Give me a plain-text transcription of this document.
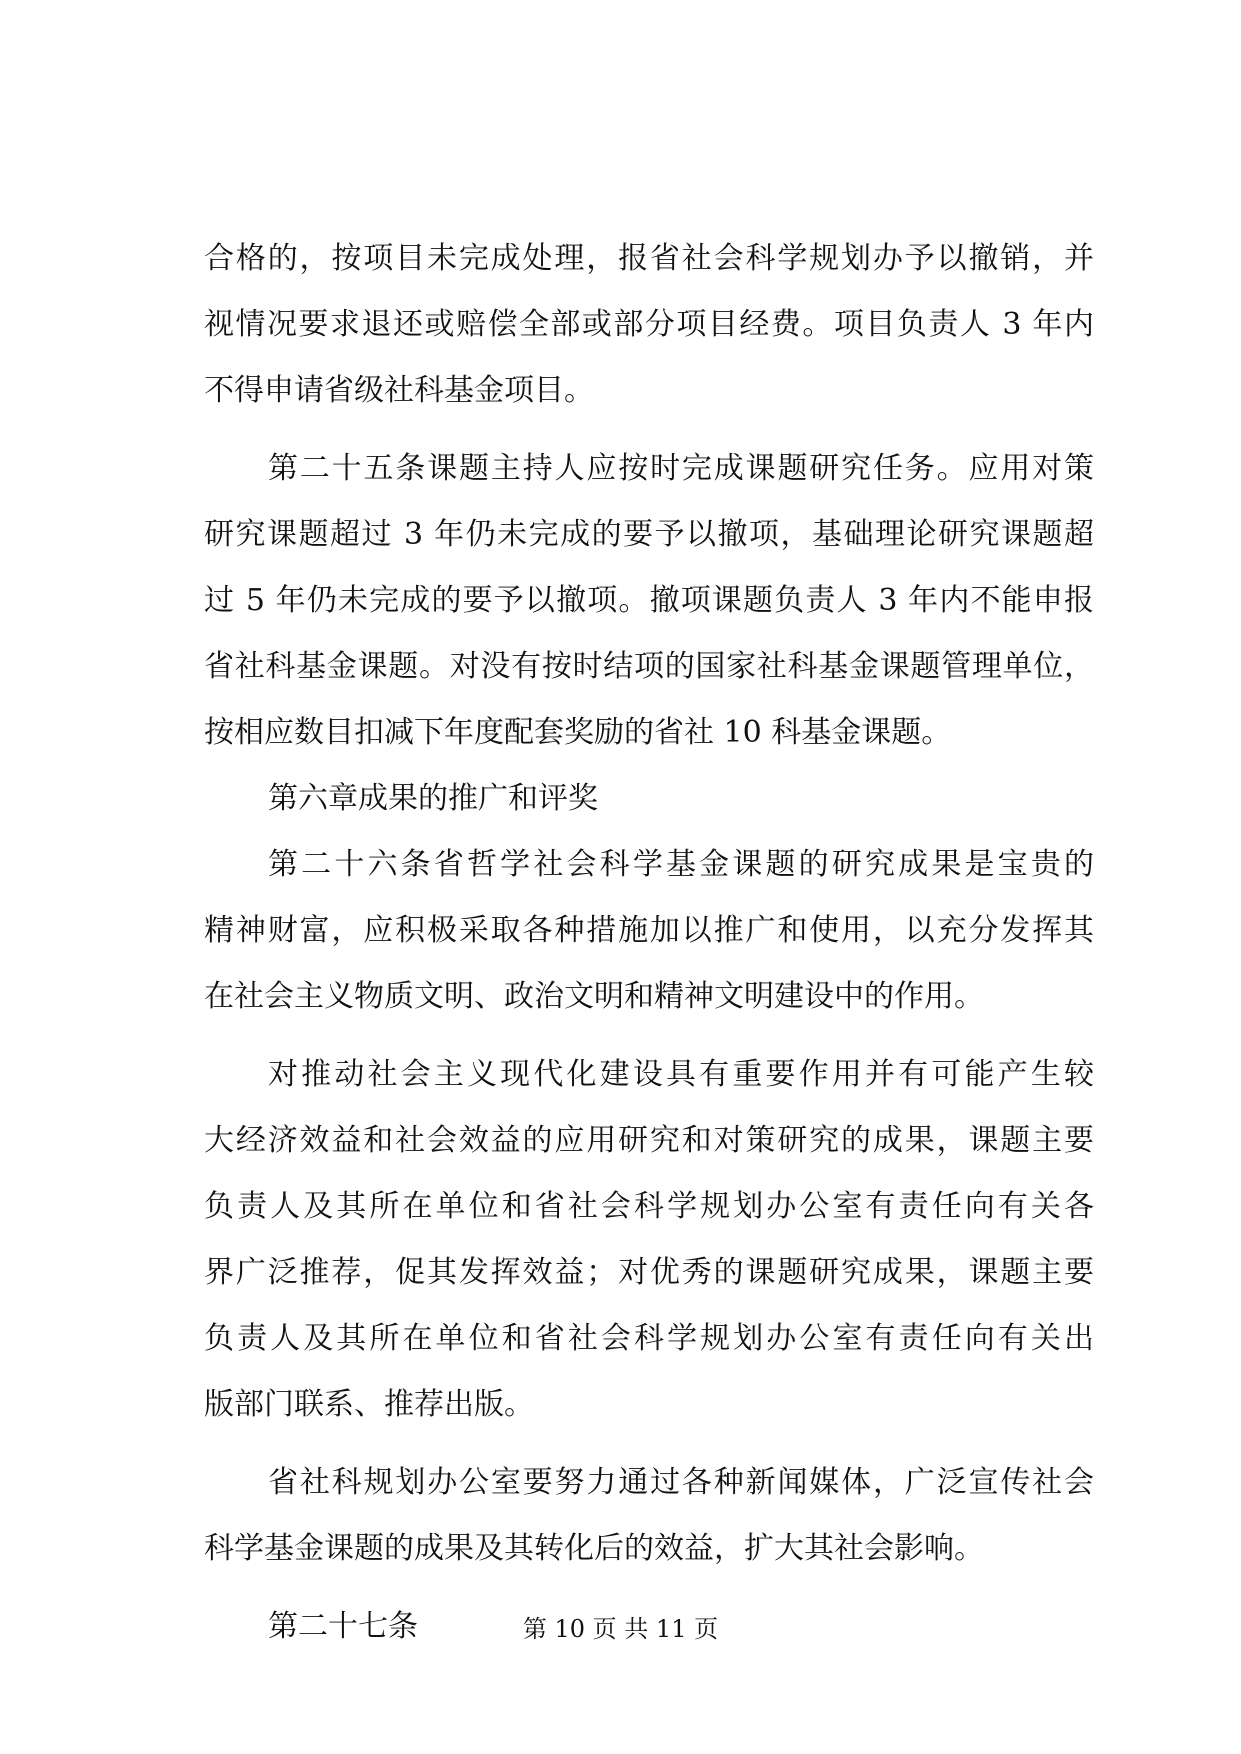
合格的，按项目未完成处理，报省社会科学规划办予以撤销，并
视情况要求退还或赔偿全部或部分项目经费。项目负责人 3 年内
不得申请省级社科基金项目。
第二十五条课题主持人应按时完成课题研究任务。应用对策
研究课题超过 3 年仍未完成的要予以撤项，基础理论研究课题超
过 5 年仍未完成的要予以撤项。撤项课题负责人 3 年内不能申报
省社科基金课题。对没有按时结项的国家社科基金课题管理单位，
按相应数目扣减下年度配套奖励的省社 10 科基金课题。
第六章成果的推广和评奖
第二十六条省哲学社会科学基金课题的研究成果是宝贵的
精神财富，应积极采取各种措施加以推广和使用，以充分发挥其
在社会主义物质文明、政治文明和精神文明建设中的作用。
对推动社会主义现代化建设具有重要作用并有可能产生较
大经济效益和社会效益的应用研究和对策研究的成果，课题主要
负责人及其所在单位和省社会科学规划办公室有责任向有关各
界广泛推荐，促其发挥效益；对优秀的课题研究成果，课题主要
负责人及其所在单位和省社会科学规划办公室有责任向有关出
版部门联系、推荐出版。
省社科规划办公室要努力通过各种新闻媒体，广泛宣传社会
科学基金课题的成果及其转化后的效益，扩大其社会影响。
第二十七条	第 10 页 共 11 页
